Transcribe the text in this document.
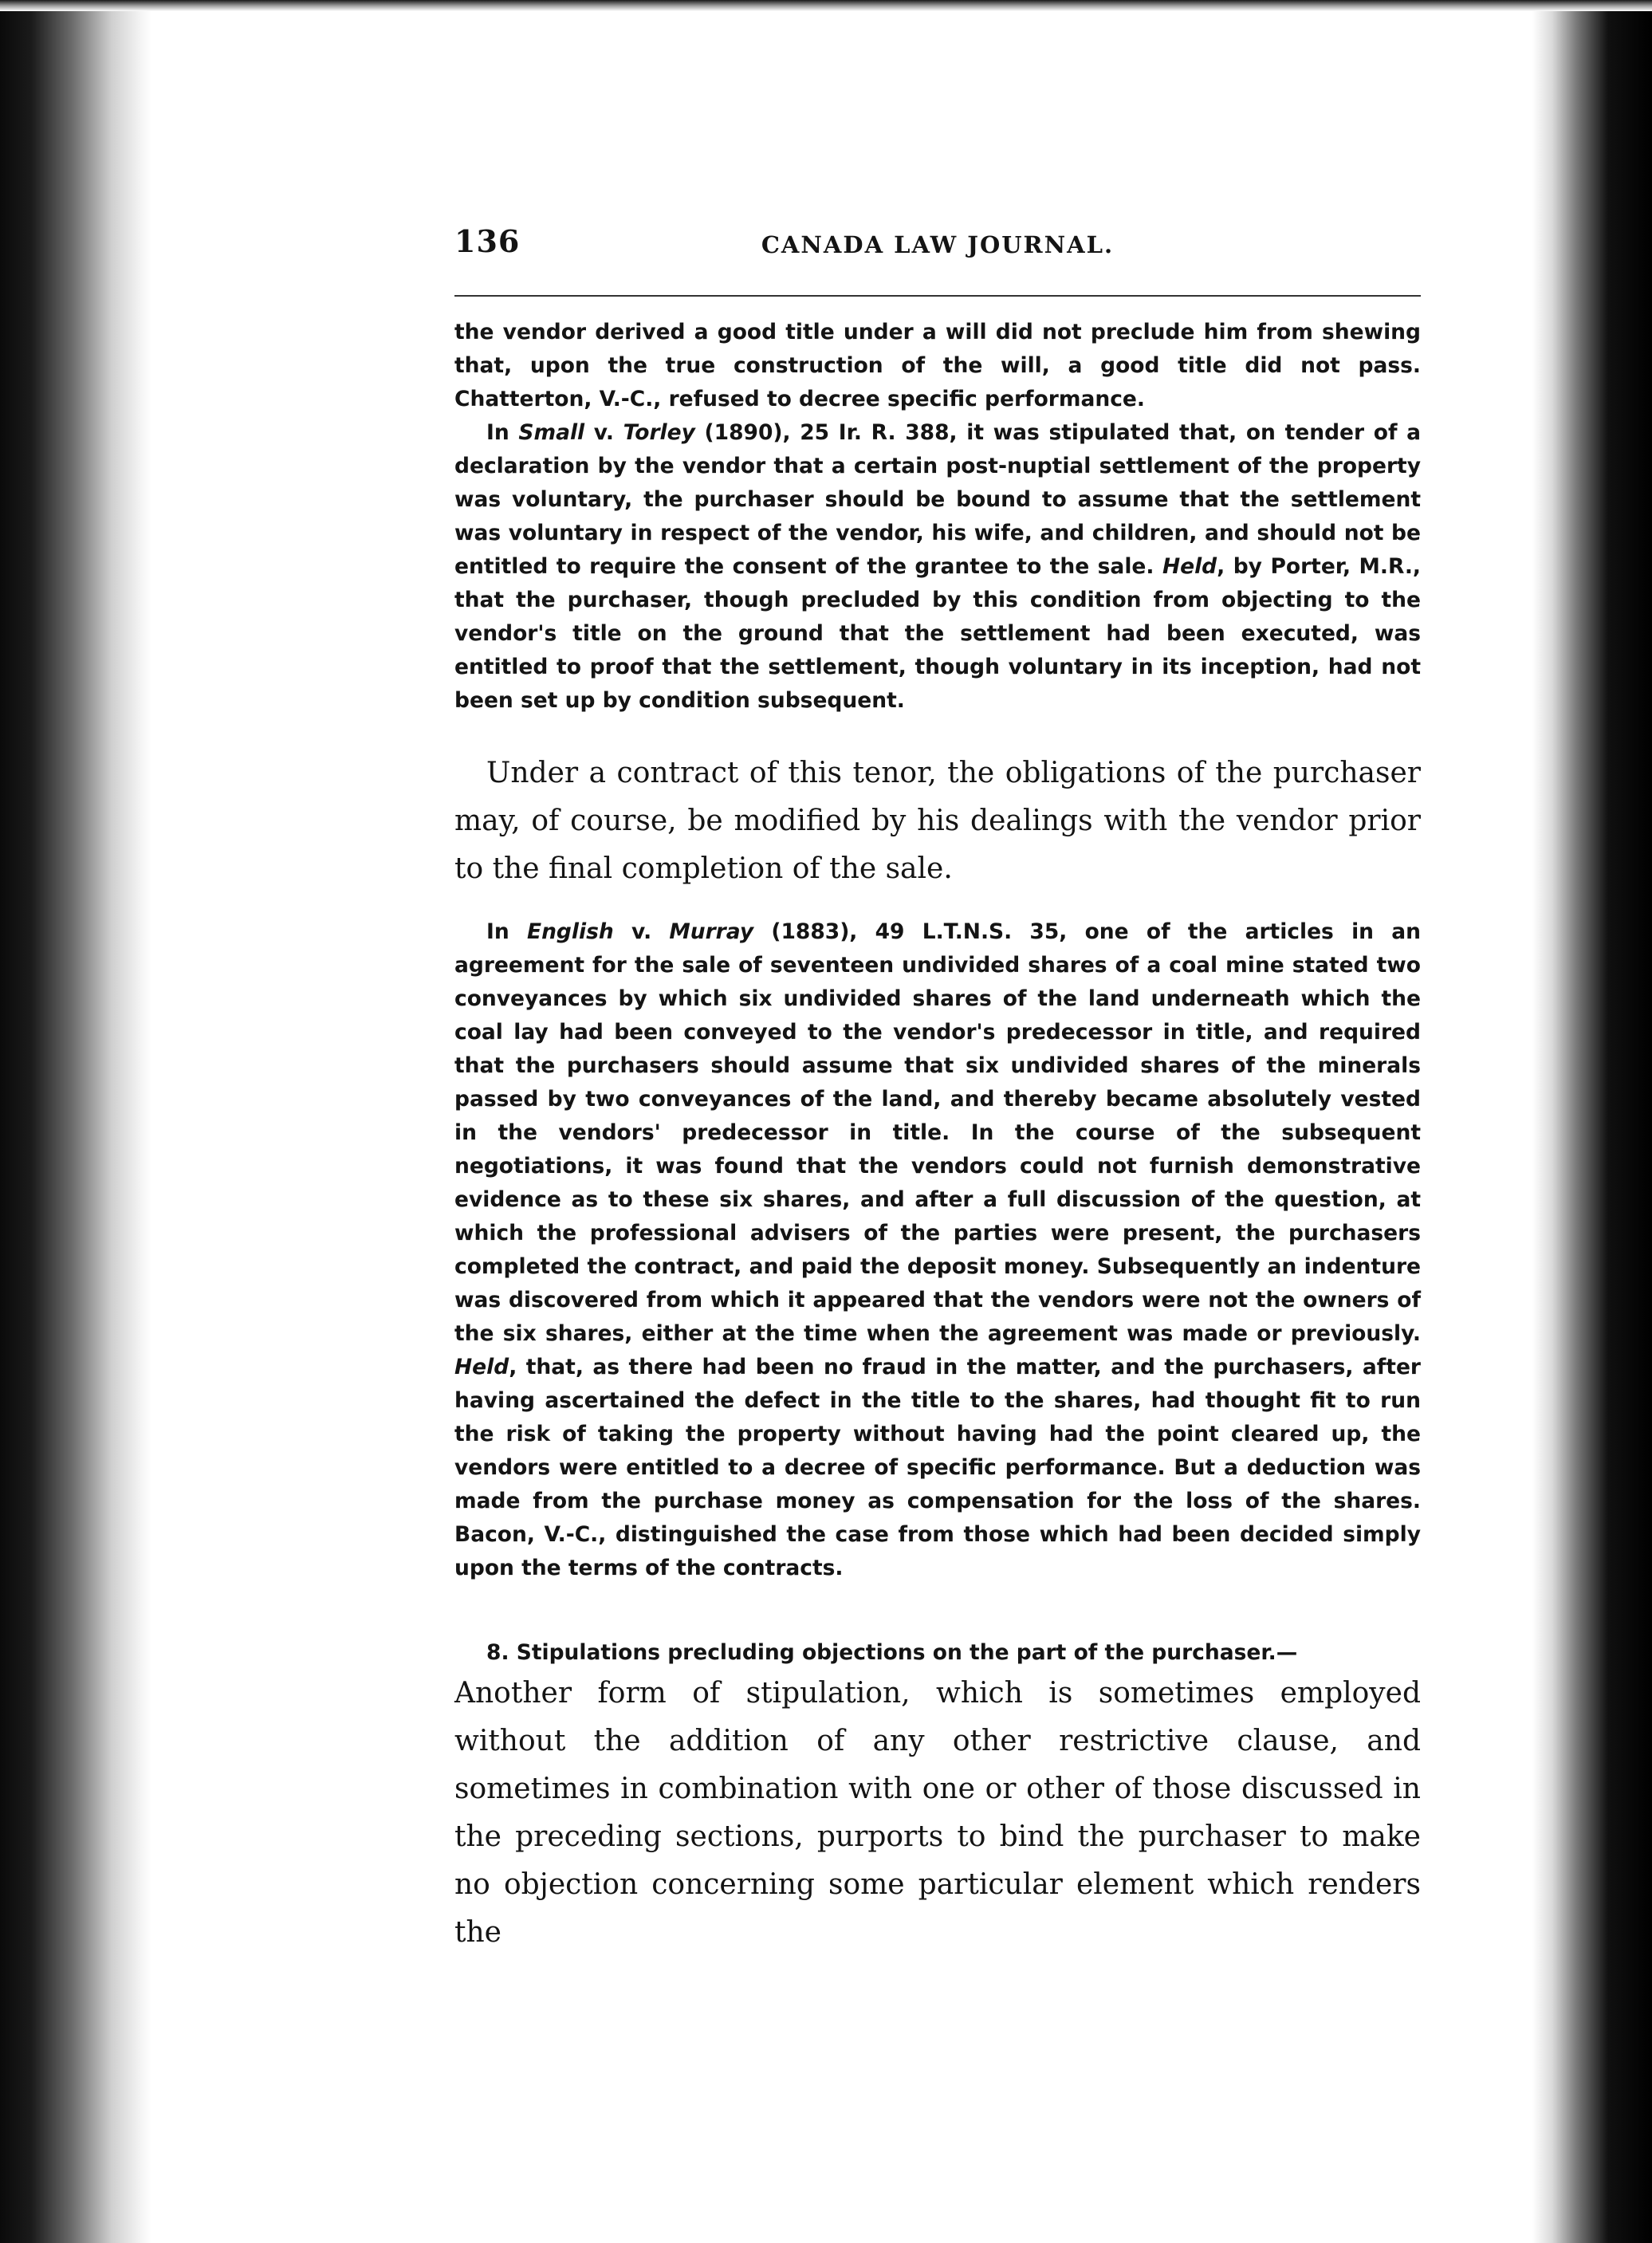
136	CANADA LAW JOURNAL.

the vendor derived a good title under a will did not preclude him from shewing that, upon the true construction of the will, a good title did not pass. Chatterton, V.-C., refused to decree specific performance.

In Small v. Torley (1890), 25 Ir. R. 388, it was stipulated that, on tender of a declaration by the vendor that a certain post-nuptial settlement of the property was voluntary, the purchaser should be bound to assume that the settlement was voluntary in respect of the vendor, his wife, and children, and should not be entitled to require the consent of the grantee to the sale. Held, by Porter, M.R., that the purchaser, though precluded by this condition from objecting to the vendor's title on the ground that the settlement had been executed, was entitled to proof that the settlement, though voluntary in its inception, had not been set up by condition subsequent.

Under a contract of this tenor, the obligations of the purchaser may, of course, be modified by his dealings with the vendor prior to the final completion of the sale.

In English v. Murray (1883), 49 L.T.N.S. 35, one of the articles in an agreement for the sale of seventeen undivided shares of a coal mine stated two conveyances by which six undivided shares of the land underneath which the coal lay had been conveyed to the vendor's predecessor in title, and required that the purchasers should assume that six undivided shares of the minerals passed by two conveyances of the land, and thereby became absolutely vested in the vendors' predecessor in title. In the course of the subsequent negotiations, it was found that the vendors could not furnish demonstrative evidence as to these six shares, and after a full discussion of the question, at which the professional advisers of the parties were present, the purchasers completed the contract, and paid the deposit money. Subsequently an indenture was discovered from which it appeared that the vendors were not the owners of the six shares, either at the time when the agreement was made or previously. Held, that, as there had been no fraud in the matter, and the purchasers, after having ascertained the defect in the title to the shares, had thought fit to run the risk of taking the property without having had the point cleared up, the vendors were entitled to a decree of specific performance. But a deduction was made from the purchase money as compensation for the loss of the shares. Bacon, V.-C., distinguished the case from those which had been decided simply upon the terms of the contracts.

8. Stipulations precluding objections on the part of the purchaser.—

Another form of stipulation, which is sometimes employed without the addition of any other restrictive clause, and sometimes in combination with one or other of those discussed in the preceding sections, purports to bind the purchaser to make no objection concerning some particular element which renders the
